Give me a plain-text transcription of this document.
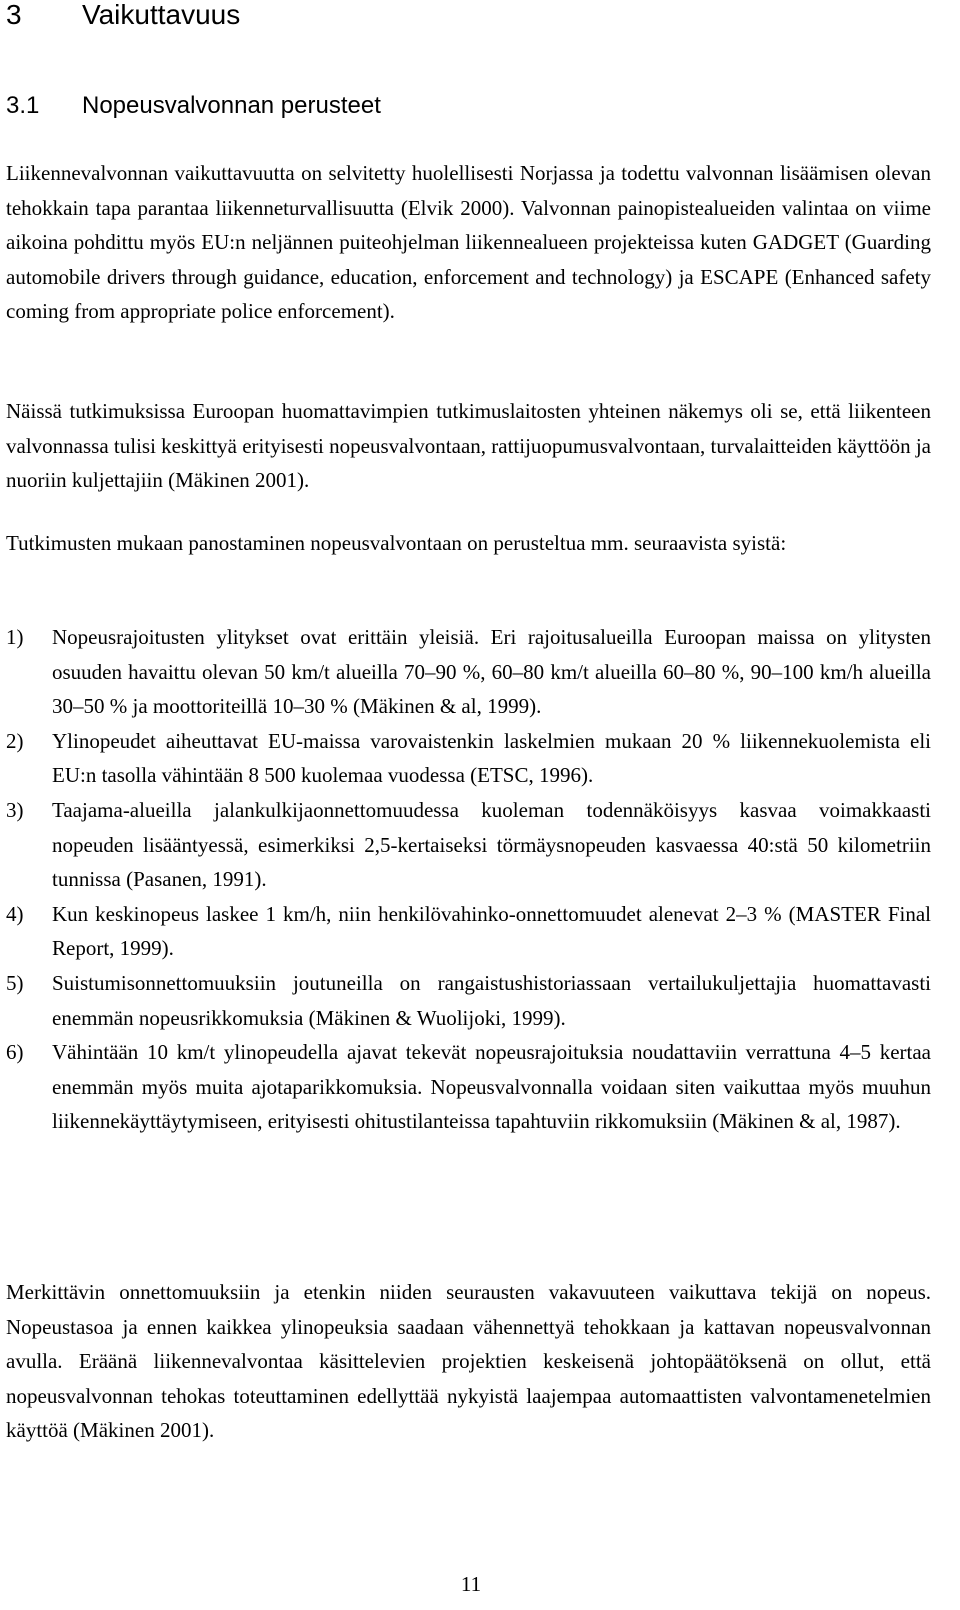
3 Vaikuttavuus
3.1 Nopeusvalvonnan perusteet

Liikennevalvonnan vaikuttavuutta on selvitetty huolellisesti Norjassa ja todettu valvonnan lisäämisen olevan tehokkain tapa parantaa liikenneturvallisuutta (Elvik 2000). Valvonnan painopistealueiden valintaa on viime aikoina pohdittu myös EU:n neljännen puiteohjelman liikennealueen projekteissa kuten GADGET (Guarding automobile drivers through guidance, education, enforcement and technology) ja ESCAPE (Enhanced safety coming from appropriate police enforcement).

Näissä tutkimuksissa Euroopan huomattavimpien tutkimuslaitosten yhteinen näkemys oli se, että liikenteen valvonnassa tulisi keskittyä erityisesti nopeusvalvontaan, rattijuopumusvalvontaan, turvalaitteiden käyttöön ja nuoriin kuljettajiin (Mäkinen 2001).

Tutkimusten mukaan panostaminen nopeusvalvontaan on perusteltua mm. seuraavista syistä:

1) Nopeusrajoitusten ylitykset ovat erittäin yleisiä. Eri rajoitusalueilla Euroopan maissa on ylitysten osuuden havaittu olevan 50 km/t alueilla 70–90 %, 60–80 km/t alueilla 60–80 %, 90–100 km/h alueilla 30–50 % ja moottoriteillä 10–30 % (Mäkinen & al, 1999).
2) Ylinopeudet aiheuttavat EU-maissa varovaistenkin laskelmien mukaan 20 % liikennekuolemista eli EU:n tasolla vähintään 8 500 kuolemaa vuodessa (ETSC, 1996).
3) Taajama-alueilla jalankulkijaonnettomuudessa kuoleman todennäköisyys kasvaa voimakkaasti nopeuden lisääntyessä, esimerkiksi 2,5-kertaiseksi törmäysnopeuden kasvaessa 40:stä 50 kilometriin tunnissa (Pasanen, 1991).
4) Kun keskinopeus laskee 1 km/h, niin henkilövahinko-onnettomuudet alenevat 2–3 % (MASTER Final Report, 1999).
5) Suistumisonnettomuuksiin joutuneilla on rangaistushistoriassaan vertailukuljettajia huomattavasti enemmän nopeusrikkomuksia (Mäkinen & Wuolijoki, 1999).
6) Vähintään 10 km/t ylinopeudella ajavat tekevät nopeusrajoituksia noudattaviin verrattuna 4–5 kertaa enemmän myös muita ajotaparikkomuksia. Nopeusvalvonnalla voidaan siten vaikuttaa myös muuhun liikennekäyttäytymiseen, erityisesti ohitustilanteissa tapahtuviin rikkomuksiin (Mäkinen & al, 1987).

Merkittävin onnettomuuksiin ja etenkin niiden seurausten vakavuuteen vaikuttava tekijä on nopeus. Nopeustasoa ja ennen kaikkea ylinopeuksia saadaan vähennettyä tehokkaan ja kattavan nopeusvalvonnan avulla. Eräänä liikennevalvontaa käsittelevien projektien keskeisenä johtopäätöksenä on ollut, että nopeusvalvonnan tehokas toteuttaminen edellyttää nykyistä laajempaa automaattisten valvontamenetelmien käyttöä (Mäkinen 2001).

11
